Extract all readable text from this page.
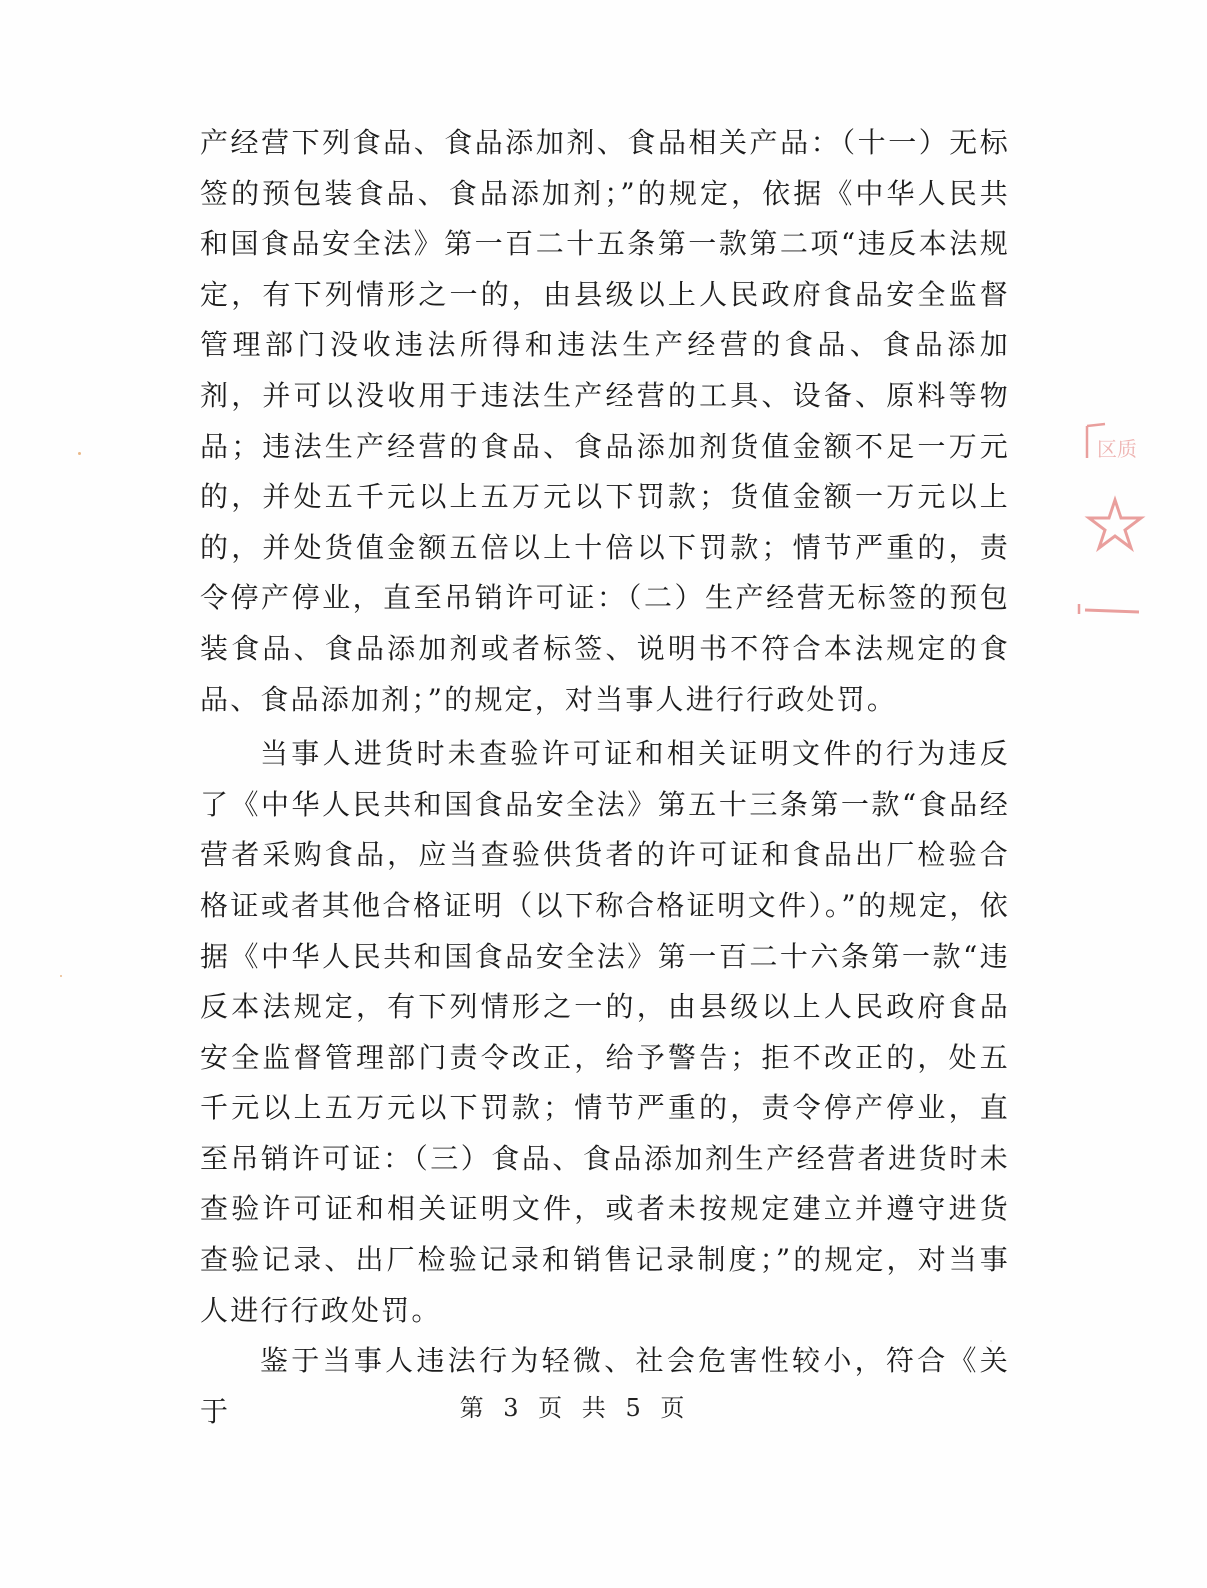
产经营下列食品、食品添加剂、食品相关产品：（十一）无标签的预包装食品、食品添加剂；”的规定，依据《中华人民共和国食品安全法》第一百二十五条第一款第二项“违反本法规定，有下列情形之一的，由县级以上人民政府食品安全监督管理部门没收违法所得和违法生产经营的食品、食品添加剂，并可以没收用于违法生产经营的工具、设备、原料等物品；违法生产经营的食品、食品添加剂货值金额不足一万元的，并处五千元以上五万元以下罚款；货值金额一万元以上的，并处货值金额五倍以上十倍以下罚款；情节严重的，责令停产停业，直至吊销许可证：（二）生产经营无标签的预包装食品、食品添加剂或者标签、说明书不符合本法规定的食品、食品添加剂；”的规定，对当事人进行行政处罚。

当事人进货时未查验许可证和相关证明文件的行为违反了《中华人民共和国食品安全法》第五十三条第一款“食品经营者采购食品，应当查验供货者的许可证和食品出厂检验合格证或者其他合格证明（以下称合格证明文件）。”的规定，依据《中华人民共和国食品安全法》第一百二十六条第一款“违反本法规定，有下列情形之一的，由县级以上人民政府食品安全监督管理部门责令改正，给予警告；拒不改正的，处五千元以上五万元以下罚款；情节严重的，责令停产停业，直至吊销许可证：（三）食品、食品添加剂生产经营者进货时未查验许可证和相关证明文件，或者未按规定建立并遵守进货查验记录、出厂检验记录和销售记录制度；”的规定，对当事人进行行政处罚。

鉴于当事人违法行为轻微、社会危害性较小，符合《关于

区质
第 3 页 共 5 页
